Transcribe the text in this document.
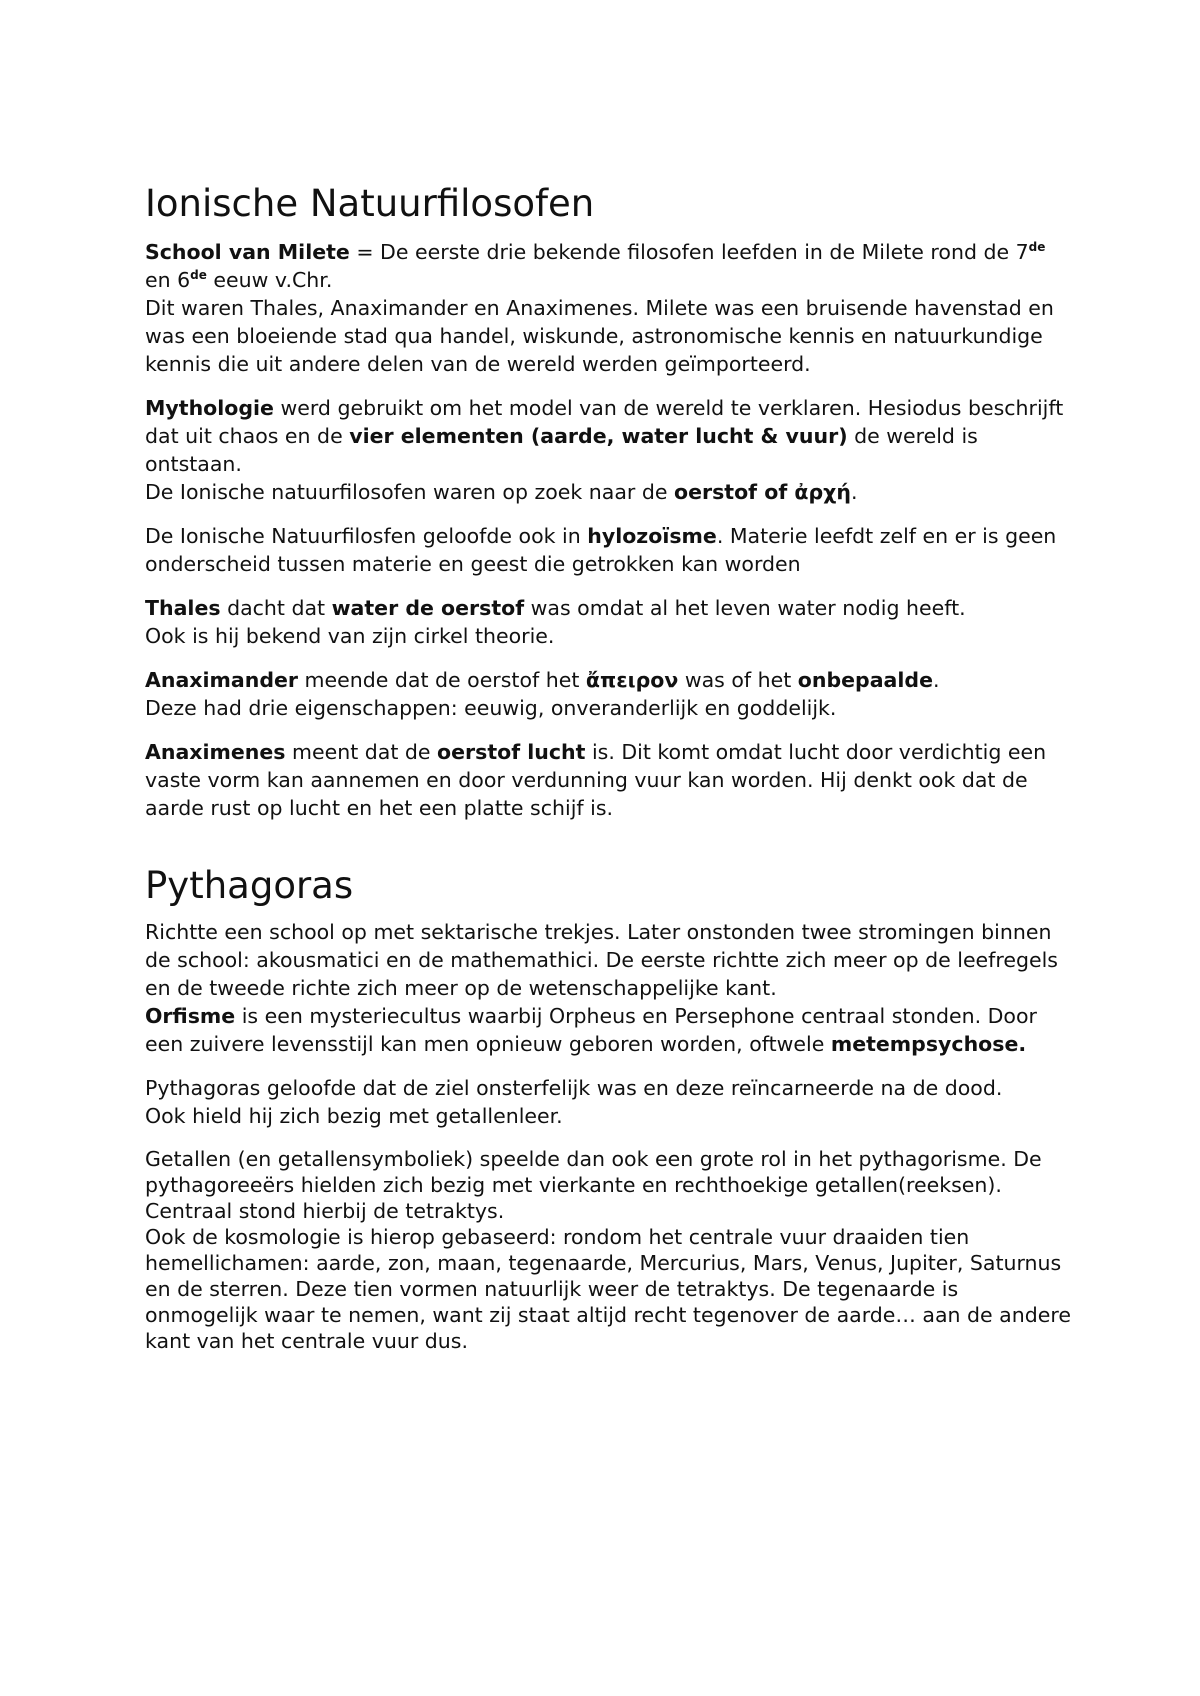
Ionische Natuurfilosofen

School van Milete = De eerste drie bekende filosofen leefden in de Milete rond de 7de en 6de eeuw v.Chr.
Dit waren Thales, Anaximander en Anaximenes. Milete was een bruisende havenstad en was een bloeiende stad qua handel, wiskunde, astronomische kennis en natuurkundige kennis die uit andere delen van de wereld werden geïmporteerd.

Mythologie werd gebruikt om het model van de wereld te verklaren. Hesiodus beschrijft dat uit chaos en de vier elementen (aarde, water lucht & vuur) de wereld is ontstaan.
De Ionische natuurfilosofen waren op zoek naar de oerstof of ἀρχή.

De Ionische Natuurfilosfen geloofde ook in hylozoïsme. Materie leefdt zelf en er is geen onderscheid tussen materie en geest die getrokken kan worden

Thales dacht dat water de oerstof was omdat al het leven water nodig heeft.
Ook is hij bekend van zijn cirkel theorie.

Anaximander meende dat de oerstof het ἄπειρον was of het onbepaalde.
Deze had drie eigenschappen: eeuwig, onveranderlijk en goddelijk.

Anaximenes meent dat de oerstof lucht is. Dit komt omdat lucht door verdichtig een vaste vorm kan aannemen en door verdunning vuur kan worden. Hij denkt ook dat de aarde rust op lucht en het een platte schijf is.

Pythagoras

Richtte een school op met sektarische trekjes. Later onstonden twee stromingen binnen de school: akousmatici en de mathemathici. De eerste richtte zich meer op de leefregels en de tweede richte zich meer op de wetenschappelijke kant.
Orfisme is een mysteriecultus waarbij Orpheus en Persephone centraal stonden. Door een zuivere levensstijl kan men opnieuw geboren worden, oftwele metempsychose.

Pythagoras geloofde dat de ziel onsterfelijk was en deze reïncarneerde na de dood.
Ook hield hij zich bezig met getallenleer.

Getallen (en getallensymboliek) speelde dan ook een grote rol in het pythagorisme. De pythagoreeërs hielden zich bezig met vierkante en rechthoekige getallen(reeksen). Centraal stond hierbij de tetraktys.
Ook de kosmologie is hierop gebaseerd: rondom het centrale vuur draaiden tien hemellichamen: aarde, zon, maan, tegenaarde, Mercurius, Mars, Venus, Jupiter, Saturnus en de sterren. Deze tien vormen natuurlijk weer de tetraktys. De tegenaarde is onmogelijk waar te nemen, want zij staat altijd recht tegenover de aarde… aan de andere kant van het centrale vuur dus.
